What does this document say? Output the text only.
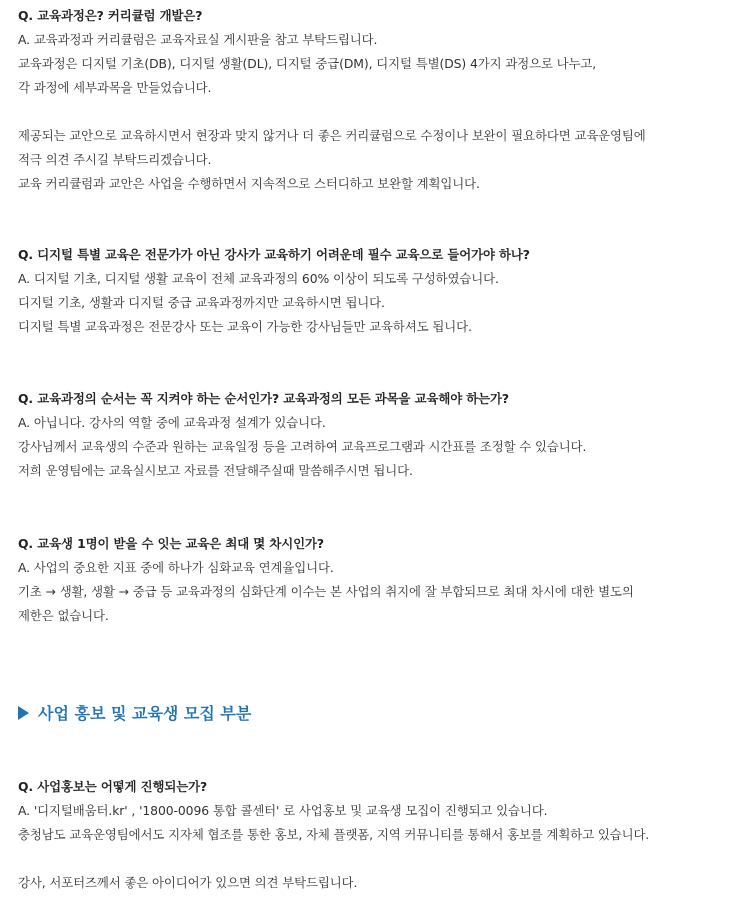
Q. 교육과정은? 커리큘럼 개발은?
A. 교육과정과 커리큘럼은 교육자료실 게시판을 참고 부탁드립니다.
교육과정은 디지털 기초(DB), 디지털 생활(DL), 디지털 중급(DM), 디지털 특별(DS) 4가지 과정으로 나누고,
각 과정에 세부과목을 만들었습니다.
제공되는 교안으로 교육하시면서 현장과 맞지 않거나 더 좋은 커리큘럼으로 수정이나 보완이 필요하다면 교육운영팀에
적극 의견 주시길 부탁드리겠습니다.
교육 커리큘럼과 교안은 사업을 수행하면서 지속적으로 스터디하고 보완할 계획입니다.
Q. 디지털 특별 교육은 전문가가 아닌 강사가 교육하기 어려운데 필수 교육으로 들어가야 하나?
A. 디지털 기초, 디지털 생활 교육이 전체 교육과정의 60% 이상이 되도록 구성하였습니다.
디지털 기초, 생활과 디지털 중급 교육과정까지만 교육하시면 됩니다.
디지털 특별 교육과정은 전문강사 또는 교육이 가능한 강사님들만 교육하셔도 됩니다.
Q. 교육과정의 순서는 꼭 지켜야 하는 순서인가? 교육과정의 모든 과목을 교육해야 하는가?
A. 아닙니다. 강사의 역할 중에 교육과정 설계가 있습니다.
강사님께서 교육생의 수준과 원하는 교육일정 등을 고려하여 교육프로그램과 시간표를 조정할 수 있습니다.
저희 운영팀에는 교육실시보고 자료를 전달해주실때 말씀해주시면 됩니다.
Q. 교육생 1명이 받을 수 잇는 교육은 최대 몇 차시인가?
A. 사업의 중요한 지표 중에 하나가 심화교육 연계율입니다.
기초 → 생활, 생활 → 중급 등 교육과정의 심화단계 이수는 본 사업의 취지에 잘 부합되므로 최대 차시에 대한 별도의
제한은 없습니다.
사업 홍보 및 교육생 모집 부분
Q. 사업홍보는 어떻게 진행되는가?
A. '디지털배움터.kr' , '1800-0096 통합 콜센터' 로 사업홍보 및 교육생 모집이 진행되고 있습니다.
충청남도 교육운영팀에서도 지자체 협조를 통한 홍보, 자체 플랫폼, 지역 커뮤니티를 통해서 홍보를 계획하고 있습니다.
강사, 서포터즈께서 좋은 아이디어가 있으면 의견 부탁드립니다.
